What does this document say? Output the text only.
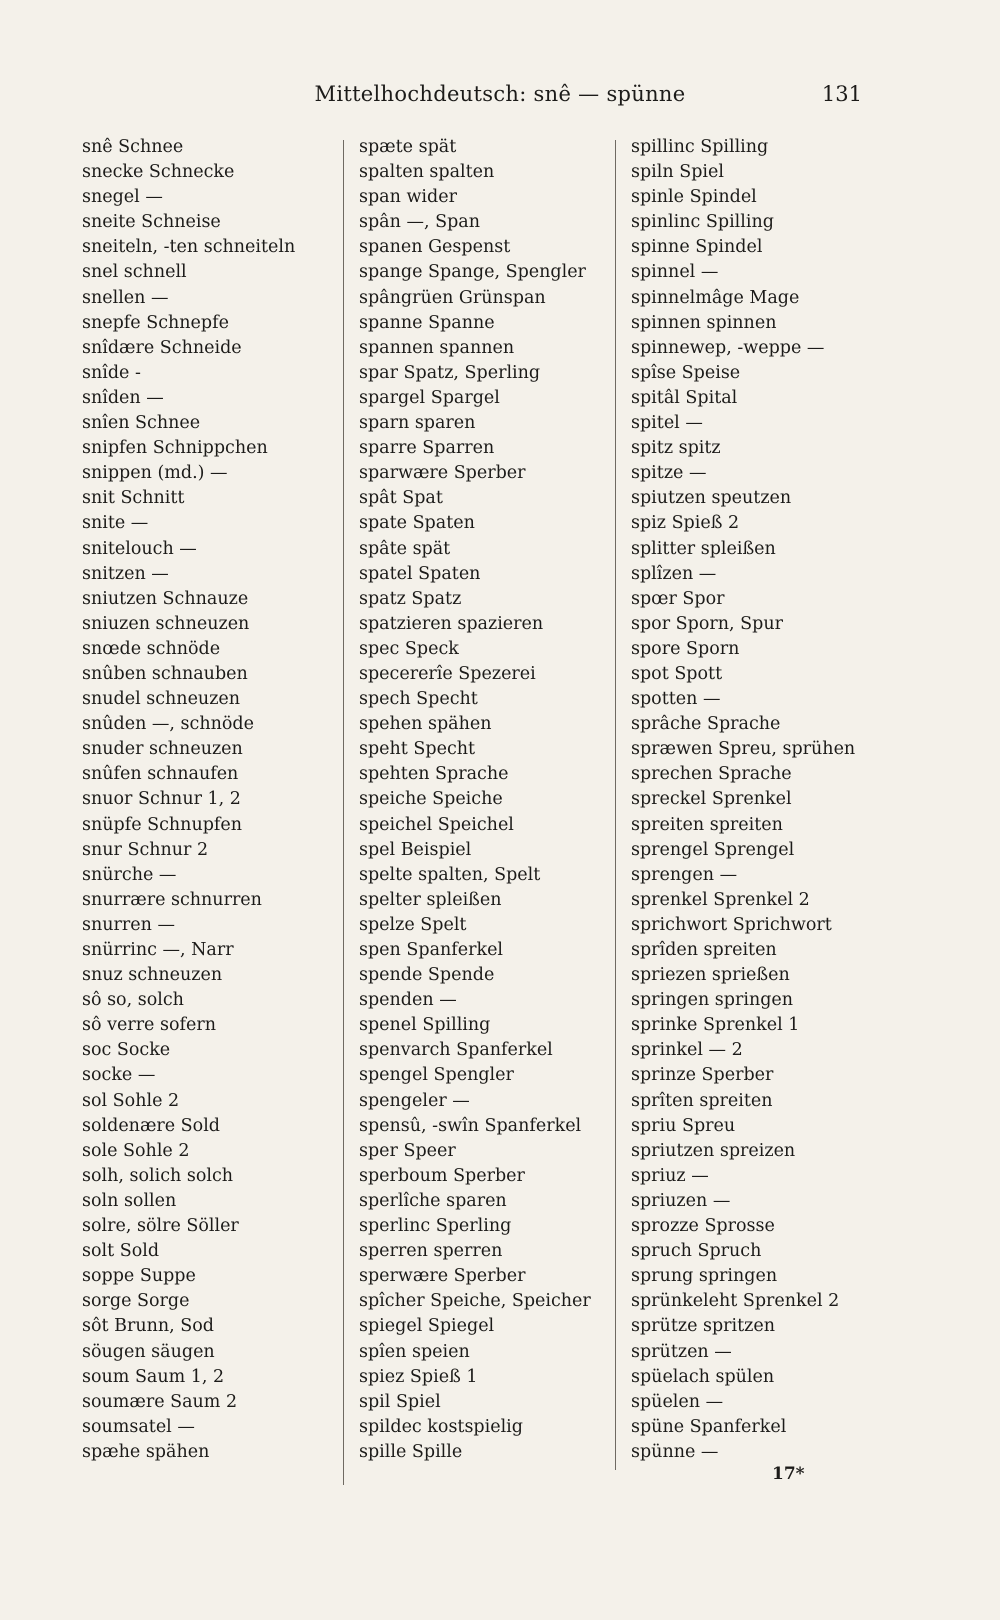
Mittelhochdeutsch: snê — spünne	131
snê Schnee
snecke Schnecke
snegel —
sneite Schneise
sneiteln, -ten schneiteln
snel schnell
snellen —
snepfe Schnepfe
snîdære Schneide
snîde -
snîden —
snîen Schnee
snipfen Schnippchen
snippen (md.) —
snit Schnitt
snite —
snitelouch —
snitzen —
sniutzen Schnauze
sniuzen schneuzen
snœde schnöde
snûben schnauben
snudel schneuzen
snûden —, schnöde
snuder schneuzen
snûfen schnaufen
snuor Schnur 1, 2
snüpfe Schnupfen
snur Schnur 2
snürche —
snurrære schnurren
snurren —
snürrinc —, Narr
snuz schneuzen
sô so, solch
sô verre sofern
soc Socke
socke —
sol Sohle 2
soldenære Sold
sole Sohle 2
solh, solich solch
soln sollen
solre, sölre Söller
solt Sold
soppe Suppe
sorge Sorge
sôt Brunn, Sod
söugen säugen
soum Saum 1, 2
soumære Saum 2
soumsatel —
spæhe spähen
spæte spät
spalten spalten
span wider
spân —, Span
spanen Gespenst
spange Spange, Spengler
spângrüen Grünspan
spanne Spanne
spannen spannen
spar Spatz, Sperling
spargel Spargel
sparn sparen
sparre Sparren
sparwære Sperber
spât Spat
spate Spaten
spâte spät
spatel Spaten
spatz Spatz
spatzieren spazieren
spec Speck
specererîe Spezerei
spech Specht
spehen spähen
speht Specht
spehten Sprache
speiche Speiche
speichel Speichel
spel Beispiel
spelte spalten, Spelt
spelter spleißen
spelze Spelt
spen Spanferkel
spende Spende
spenden —
spenel Spilling
spenvarch Spanferkel
spengel Spengler
spengeler —
spensû, -swîn Spanferkel
sper Speer
sperboum Sperber
sperlîche sparen
sperlinc Sperling
sperren sperren
sperwære Sperber
spîcher Speiche, Speicher
spiegel Spiegel
spîen speien
spiez Spieß 1
spil Spiel
spildec kostspielig
spille Spille
spillinc Spilling
spiln Spiel
spinle Spindel
spinlinc Spilling
spinne Spindel
spinnel —
spinnelmâge Mage
spinnen spinnen
spinnewep, -weppe —
spîse Speise
spitâl Spital
spitel —
spitz spitz
spitze —
spiutzen speutzen
spiz Spieß 2
splitter spleißen
splîzen —
spœr Spor
spor Sporn, Spur
spore Sporn
spot Spott
spotten —
sprâche Sprache
spræwen Spreu, sprühen
sprechen Sprache
spreckel Sprenkel
spreiten spreiten
sprengel Sprengel
sprengen —
sprenkel Sprenkel 2
sprichwort Sprichwort
sprîden spreiten
spriezen sprießen
springen springen
sprinke Sprenkel 1
sprinkel — 2
sprinze Sperber
sprîten spreiten
spriu Spreu
spriutzen spreizen
spriuz —
spriuzen —
sprozze Sprosse
spruch Spruch
sprung springen
sprünkeleht Sprenkel 2
sprütze spritzen
sprützen —
spüelach spülen
spüelen —
spüne Spanferkel
spünne —
17*
